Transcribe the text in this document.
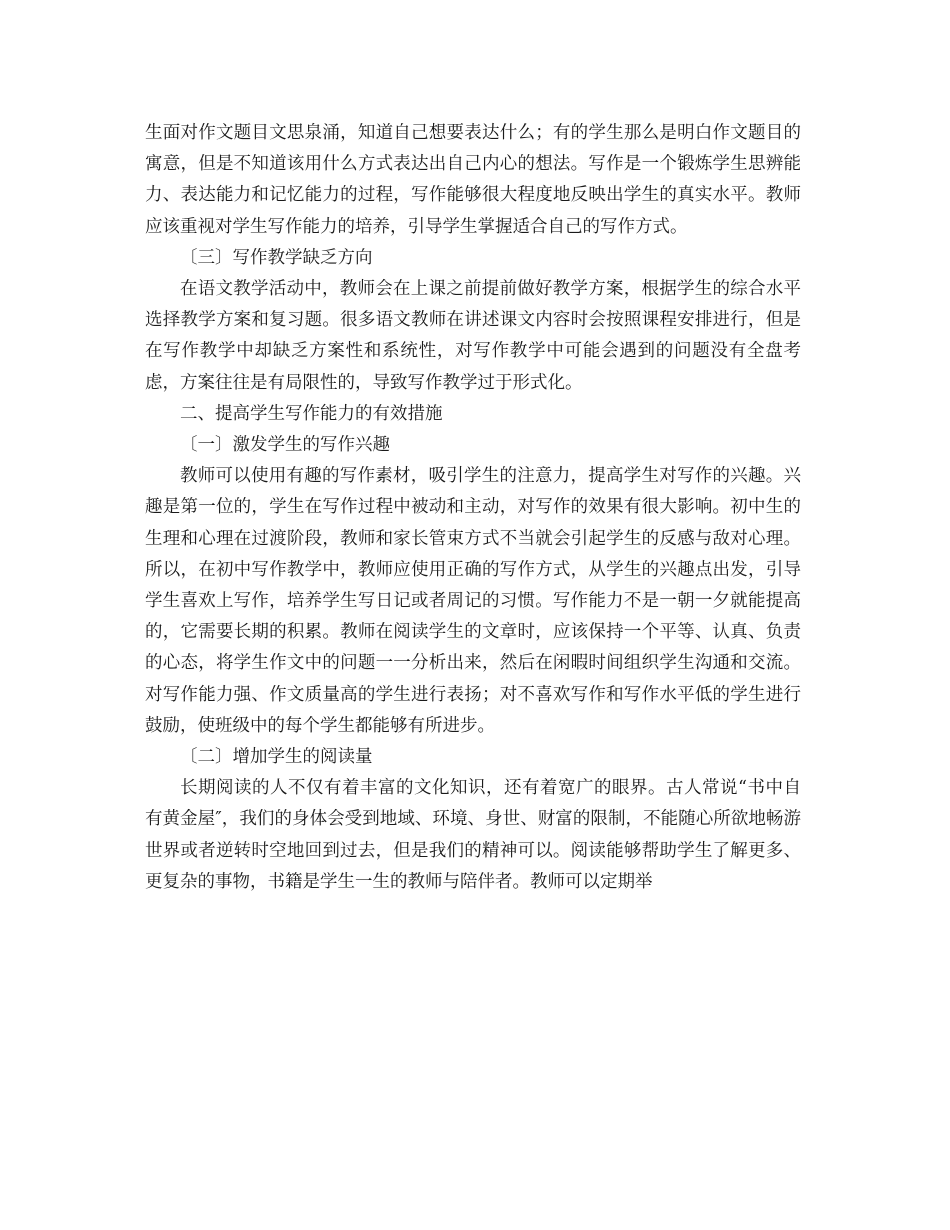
生面对作文题目文思泉涌，知道自己想要表达什么；有的学生那么是明白作文题目的寓意，但是不知道该用什么方式表达出自己内心的想法。写作是一个锻炼学生思辨能力、表达能力和记忆能力的过程，写作能够很大程度地反映出学生的真实水平。教师应该重视对学生写作能力的培养，引导学生掌握适合自己的写作方式。

〔三〕写作教学缺乏方向

在语文教学活动中，教师会在上课之前提前做好教学方案，根据学生的综合水平选择教学方案和复习题。很多语文教师在讲述课文内容时会按照课程安排进行，但是在写作教学中却缺乏方案性和系统性，对写作教学中可能会遇到的问题没有全盘考虑，方案往往是有局限性的，导致写作教学过于形式化。

二、提高学生写作能力的有效措施

〔一〕激发学生的写作兴趣

教师可以使用有趣的写作素材，吸引学生的注意力，提高学生对写作的兴趣。兴趣是第一位的，学生在写作过程中被动和主动，对写作的效果有很大影响。初中生的生理和心理在过渡阶段，教师和家长管束方式不当就会引起学生的反感与敌对心理。所以，在初中写作教学中，教师应使用正确的写作方式，从学生的兴趣点出发，引导学生喜欢上写作，培养学生写日记或者周记的习惯。写作能力不是一朝一夕就能提高的，它需要长期的积累。教师在阅读学生的文章时，应该保持一个平等、认真、负责的心态，将学生作文中的问题一一分析出来，然后在闲暇时间组织学生沟通和交流。对写作能力强、作文质量高的学生进行表扬；对不喜欢写作和写作水平低的学生进行鼓励，使班级中的每个学生都能够有所进步。

〔二〕增加学生的阅读量

长期阅读的人不仅有着丰富的文化知识，还有着宽广的眼界。古人常说“书中自有黄金屋″，我们的身体会受到地域、环境、身世、财富的限制，不能随心所欲地畅游世界或者逆转时空地回到过去，但是我们的精神可以。阅读能够帮助学生了解更多、更复杂的事物，书籍是学生一生的教师与陪伴者。教师可以定期举
